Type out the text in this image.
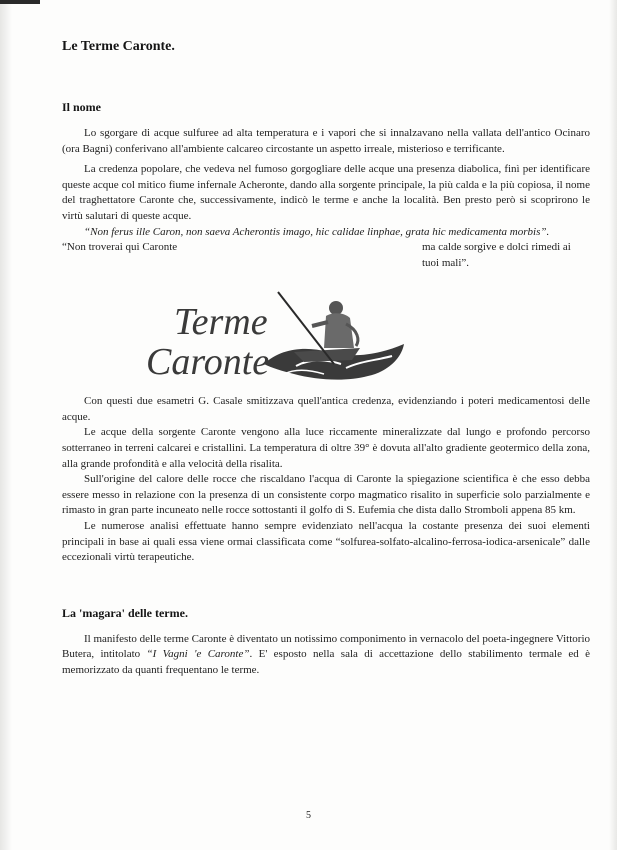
Le Terme Caronte.
Il nome

Lo sgorgare di acque sulfuree ad alta temperatura e i vapori che si innalzavano nella vallata dell'antico Ocinaro (ora Bagni) conferivano all'ambiente calcareo circostante un aspetto irreale, misterioso e terrificante.

La credenza popolare, che vedeva nel fumoso gorgogliare delle acque una presenza diabolica, finì per identificare queste acque col mitico fiume infernale Acheronte, dando alla sorgente principale, la più calda e la più copiosa, il nome del traghettatore Caronte che, successivamente, indicò le terme e anche la località. Ben presto però si scoprirono le virtù salutari di queste acque.

“Non ferus ille Caron, non saeva Acherontis imago, hic calidae linphae, grata hic medicamenta morbis”.

“Non troverai qui Caronte	ma calde sorgive e dolci rimedi ai
tuoi mali”.

Con questi due esametri G. Casale smitizzava quell'antica credenza, evidenziando i poteri medicamentosi delle acque.

Le acque della sorgente Caronte vengono alla luce riccamente mineralizzate dal lungo e profondo percorso sotterraneo in terreni calcarei e cristallini. La temperatura di oltre 39° è dovuta all'alto gradiente geotermico della zona, alla grande profondità e alla velocità della risalita.

Sull'origine del calore delle rocce che riscaldano l'acqua di Caronte la spiegazione scientifica è che esso debba essere messo in relazione con la presenza di un consistente corpo magmatico risalito in superficie solo parzialmente e rimasto in gran parte incuneato nelle rocce sottostanti il golfo di S. Eufemia che dista dallo Stromboli appena 85 km.

Le numerose analisi effettuate hanno sempre evidenziato nell'acqua la costante presenza dei suoi elementi principali in base ai quali essa viene ormai classificata come “solfurea-solfato-alcalino-ferrosa-iodica-arsenicale” dalle eccezionali virtù terapeutiche.

La 'magara' delle terme.

Il manifesto delle terme Caronte è diventato un notissimo componimento in vernacolo del poeta-ingegnere Vittorio Butera, intitolato “I Vagni 'e Caronte”. E' esposto nella sala di accettazione dello stabilimento termale ed è memorizzato da quanti frequentano le terme.

Terme
Caronte
5
